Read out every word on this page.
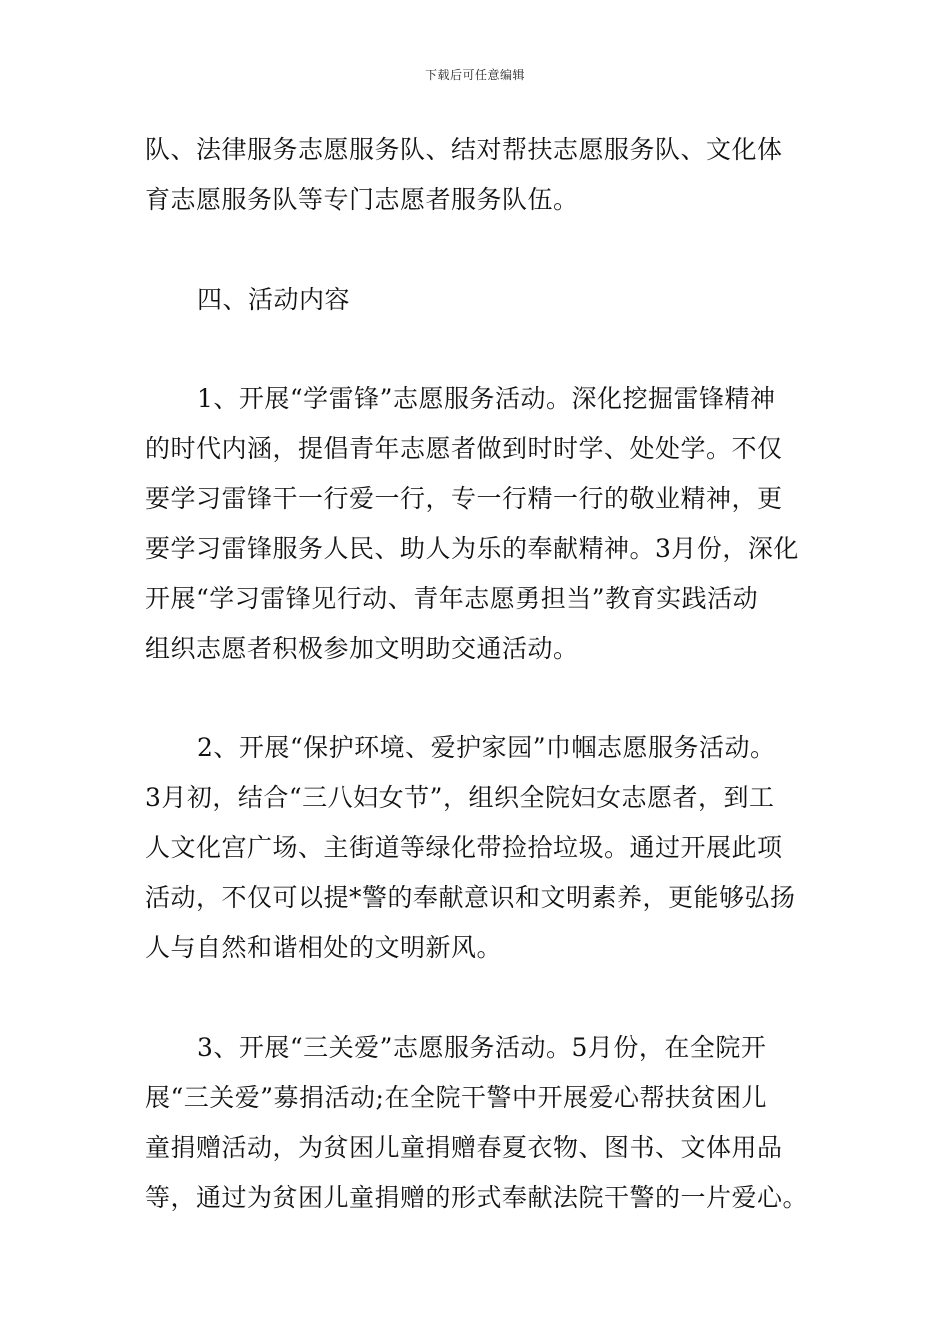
下载后可任意编辑

队、法律服务志愿服务队、结对帮扶志愿服务队、文化体

育志愿服务队等专门志愿者服务队伍。

四、活动内容

1、开展“学雷锋”志愿服务活动。深化挖掘雷锋精神

的时代内涵，提倡青年志愿者做到时时学、处处学。不仅

要学习雷锋干一行爱一行，专一行精一行的敬业精神，更

要学习雷锋服务人民、助人为乐的奉献精神。3月份，深化

开展“学习雷锋见行动、青年志愿勇担当”教育实践活动

组织志愿者积极参加文明助交通活动。

2、开展“保护环境、爱护家园”巾帼志愿服务活动。

3月初，结合“三八妇女节”，组织全院妇女志愿者，到工

人文化宫广场、主街道等绿化带捡拾垃圾。通过开展此项

活动，不仅可以提*警的奉献意识和文明素养，更能够弘扬

人与自然和谐相处的文明新风。

3、开展“三关爱”志愿服务活动。5月份，在全院开

展“三关爱”募捐活动;在全院干警中开展爱心帮扶贫困儿

童捐赠活动，为贫困儿童捐赠春夏衣物、图书、文体用品

等，通过为贫困儿童捐赠的形式奉献法院干警的一片爱心。
